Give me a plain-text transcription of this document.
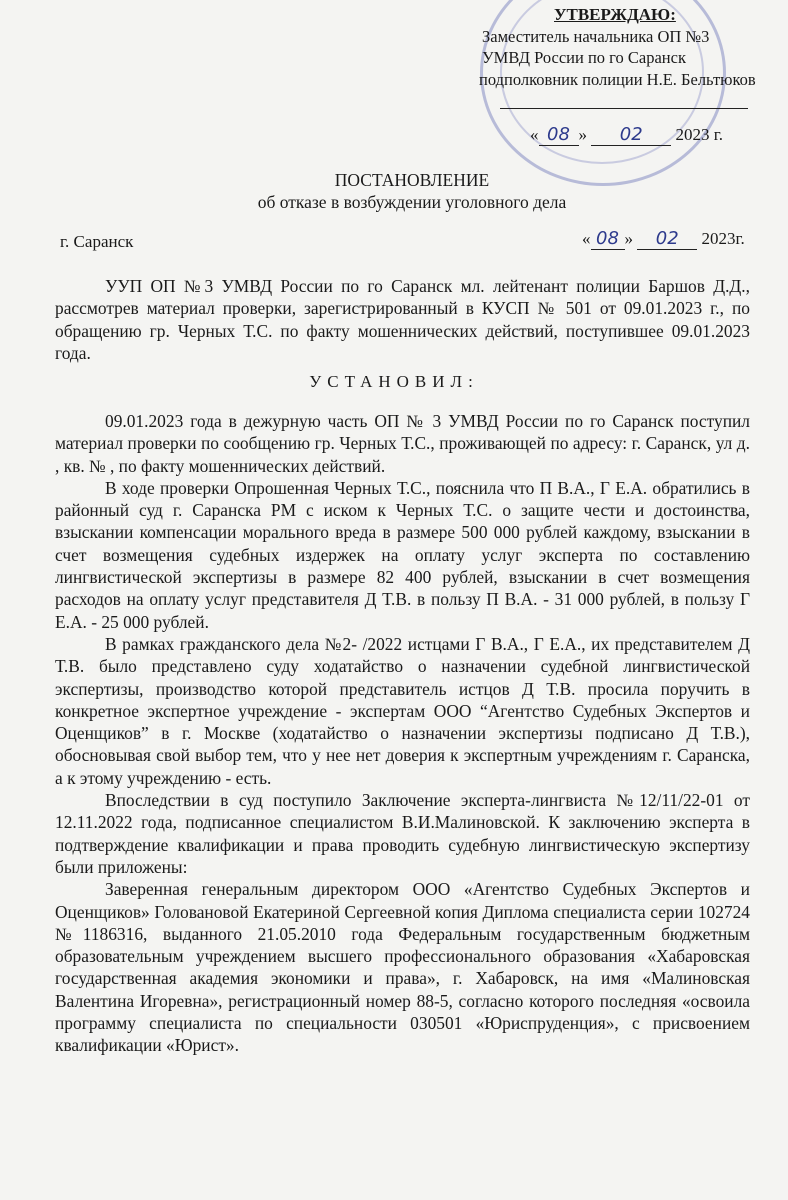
УТВЕРЖДАЮ:
Заместитель начальника ОП №3
УМВД России по го Саранск
подполковник полиции Н.Е. Бельтюков
« 08 » 02 2023 г.
ПОСТАНОВЛЕНИЕ
об отказе в возбуждении уголовного дела
г. Саранск	« 08 » 02 2023г.

УУП ОП №3 УМВД России по го Саранск мл. лейтенант полиции Баршов Д.Д., рассмотрев материал проверки, зарегистрированный в КУСП № 501 от 09.01.2023 г., по обращению гр. Черных Т.С. по факту мошеннических действий, поступившее 09.01.2023 года.

УСТАНОВИЛ:

09.01.2023 года в дежурную часть ОП № 3 УМВД России по го Саранск поступил материал проверки по сообщению гр. Черных Т.С., проживающей по адресу: г. Саранск, ул д. , кв. № , по факту мошеннических действий.

В ходе проверки Опрошенная Черных Т.С., пояснила что П В.А., Г Е.А. обратились в районный суд г. Саранска РМ с иском к Черных Т.С. о защите чести и достоинства, взыскании компенсации морального вреда в размере 500 000 рублей каждому, взыскании в счет возмещения судебных издержек на оплату услуг эксперта по составлению лингвистической экспертизы в размере 82 400 рублей, взыскании в счет возмещения расходов на оплату услуг представителя Д Т.В. в пользу П В.А. - 31 000 рублей, в пользу Г Е.А. - 25 000 рублей.

В рамках гражданского дела №2- /2022 истцами Г В.А., Г Е.А., их представителем Д Т.В. было представлено суду ходатайство о назначении судебной лингвистической экспертизы, производство которой представитель истцов Д Т.В. просила поручить в конкретное экспертное учреждение - экспертам ООО “Агентство Судебных Экспертов и Оценщиков” в г. Москве (ходатайство о назначении экспертизы подписано Д Т.В.), обосновывая свой выбор тем, что у нее нет доверия к экспертным учреждениям г. Саранска, а к этому учреждению - есть.

Впоследствии в суд поступило Заключение эксперта-лингвиста №12/11/22-01 от 12.11.2022 года, подписанное специалистом В.И.Малиновской. К заключению эксперта в подтверждение квалификации и права проводить судебную лингвистическую экспертизу были приложены:

Заверенная генеральным директором ООО «Агентство Судебных Экспертов и Оценщиков» Головановой Екатериной Сергеевной копия Диплома специалиста серии 102724 №1186316, выданного 21.05.2010 года Федеральным государственным бюджетным образовательным учреждением высшего профессионального образования «Хабаровская государственная академия экономики и права», г. Хабаровск, на имя «Малиновская Валентина Игоревна», регистрационный номер 88-5, согласно которого последняя «освоила программу специалиста по специальности 030501 «Юриспруденция», с присвоением квалификации «Юрист».
